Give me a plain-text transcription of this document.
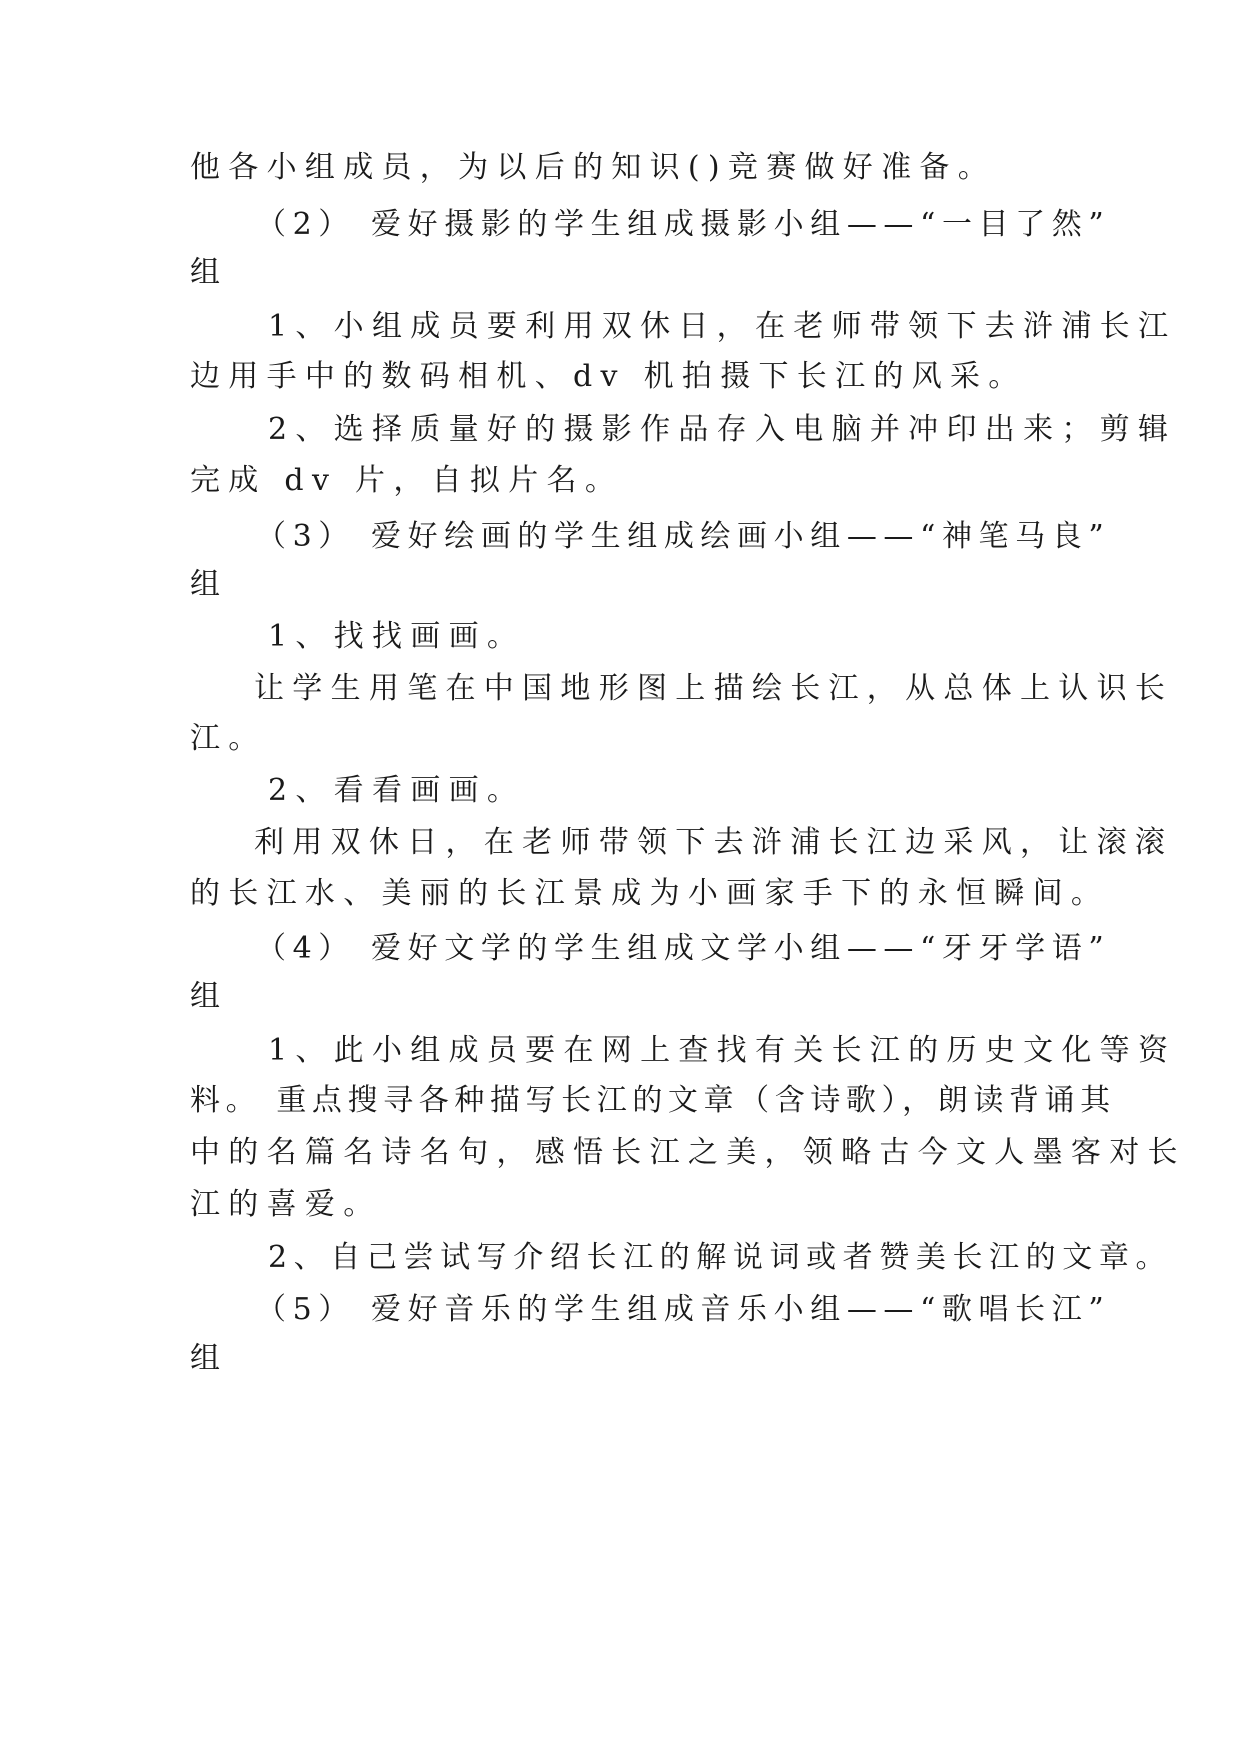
他各小组成员，为以后的知识()竞赛做好准备。
（2） 爱好摄影的学生组成摄影小组——“一目了然”
组
1、小组成员要利用双休日，在老师带领下去浒浦长江
边用手中的数码相机、dv 机拍摄下长江的风采。
2、选择质量好的摄影作品存入电脑并冲印出来；剪辑
完成 dv 片，自拟片名。
（3） 爱好绘画的学生组成绘画小组——“神笔马良”
组
1、找找画画。
让学生用笔在中国地形图上描绘长江，从总体上认识长
江。
2、看看画画。
利用双休日，在老师带领下去浒浦长江边采风，让滚滚
的长江水、美丽的长江景成为小画家手下的永恒瞬间。
（4） 爱好文学的学生组成文学小组——“牙牙学语”
组
1、此小组成员要在网上查找有关长江的历史文化等资
料。 重点搜寻各种描写长江的文章（含诗歌），朗读背诵其
中的名篇名诗名句，感悟长江之美，领略古今文人墨客对长
江的喜爱。
2、自己尝试写介绍长江的解说词或者赞美长江的文章。
（5） 爱好音乐的学生组成音乐小组——“歌唱长江”
组
